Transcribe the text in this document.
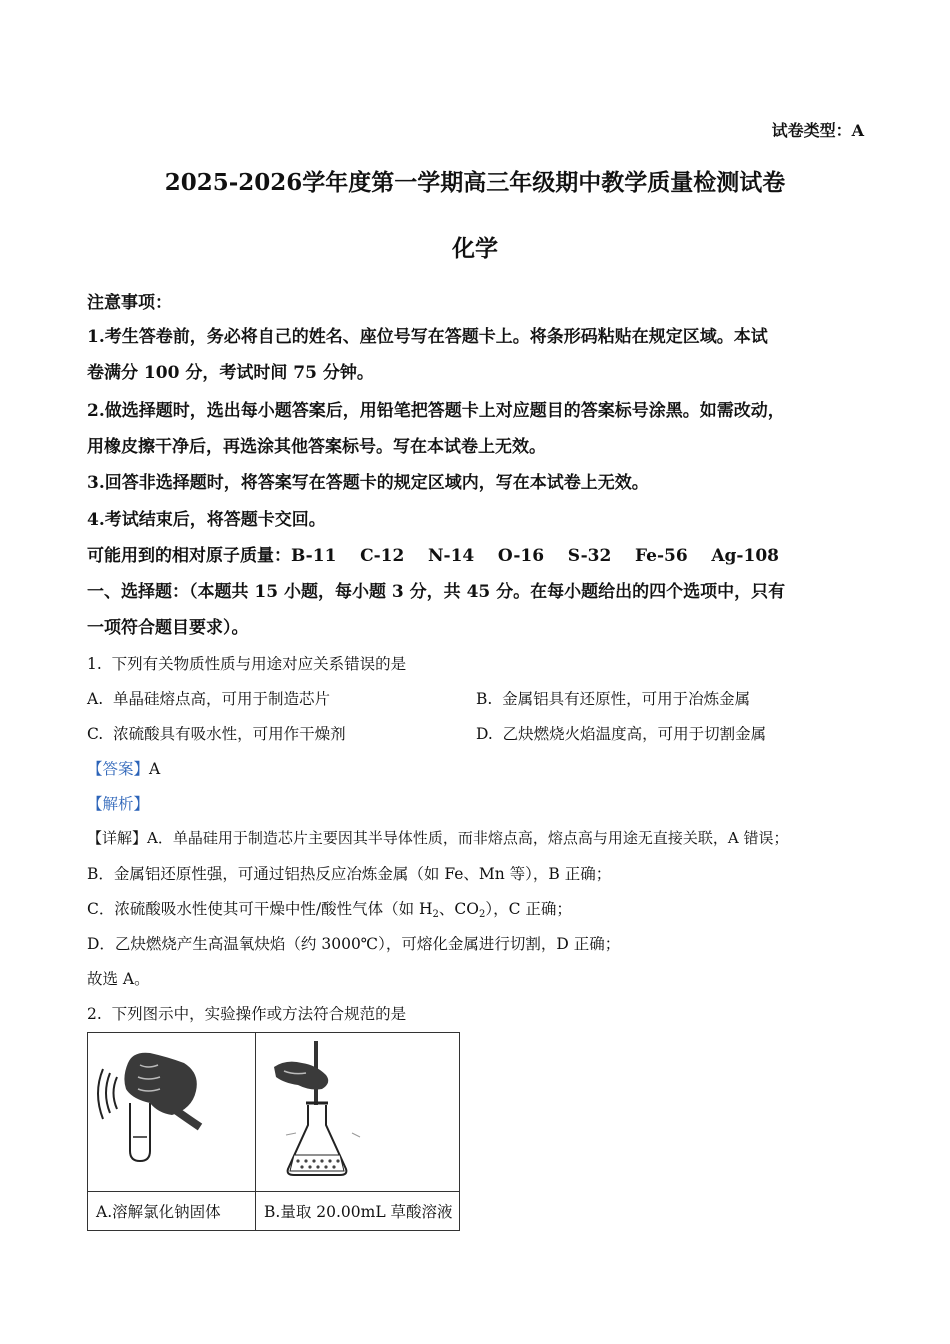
试卷类型：A
2025-2026学年度第一学期高三年级期中教学质量检测试卷
化学
注意事项：
1.考生答卷前，务必将自己的姓名、座位号写在答题卡上。将条形码粘贴在规定区域。本试
卷满分 100 分，考试时间 75 分钟。
2.做选择题时，选出每小题答案后，用铅笔把答题卡上对应题目的答案标号涂黑。如需改动，
用橡皮擦干净后，再选涂其他答案标号。写在本试卷上无效。
3.回答非选择题时，将答案写在答题卡的规定区域内，写在本试卷上无效。
4.考试结束后，将答题卡交回。
可能用到的相对原子质量：B-11    C-12    N-14    O-16    S-32    Fe-56    Ag-108
一、选择题：（本题共 15 小题，每小题 3 分，共 45 分。在每小题给出的四个选项中，只有
一项符合题目要求）。
1.  下列有关物质性质与用途对应关系错误的是
A.  单晶硅熔点高，可用于制造芯片	B.  金属铝具有还原性，可用于冶炼金属
C.  浓硫酸具有吸水性，可用作干燥剂	D.  乙炔燃烧火焰温度高，可用于切割金属
【答案】A
【解析】
【详解】A．单晶硅用于制造芯片主要因其半导体性质，而非熔点高，熔点高与用途无直接关联，A 错误；
B．金属铝还原性强，可通过铝热反应冶炼金属（如 Fe、Mn 等），B 正确；
C．浓硫酸吸水性使其可干燥中性/酸性气体（如 $H_2$、$CO_2$），C 正确；
D．乙炔燃烧产生高温氧炔焰（约 3000℃），可熔化金属进行切割，D 正确；
故选 A。
2.  下列图示中，实验操作或方法符合规范的是

A.溶解氯化钠固体	B.量取 20.00mL 草酸溶液
